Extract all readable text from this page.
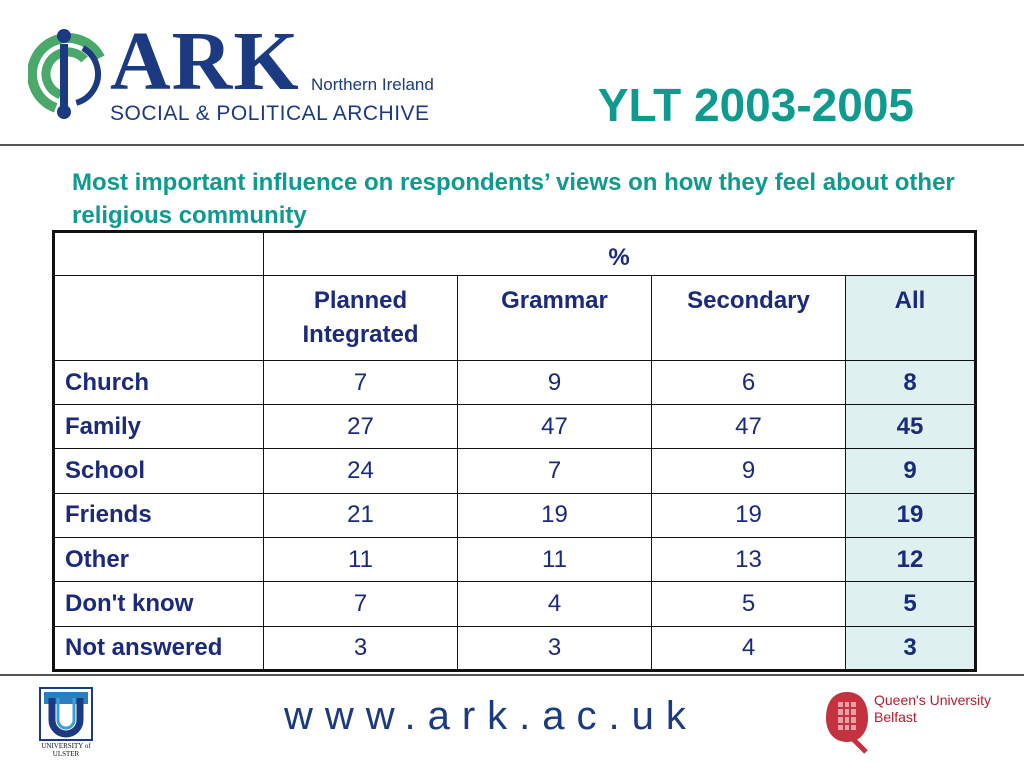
ARK Northern Ireland
SOCIAL & POLITICAL ARCHIVE	YLT 2003-2005
Most important influence on respondents’ views on how they feel about other religious community
	%			
	Planned Integrated	Grammar	Secondary	All
Church	7	9	6	8
Family	27	47	47	45
School	24	7	9	9
Friends	21	19	19	19
Other	11	11	13	12
Don't know	7	4	5	5
Not answered	3	3	4	3
UNIVERSITY of ULSTER
www.ark.ac.uk	Queen's University Belfast
